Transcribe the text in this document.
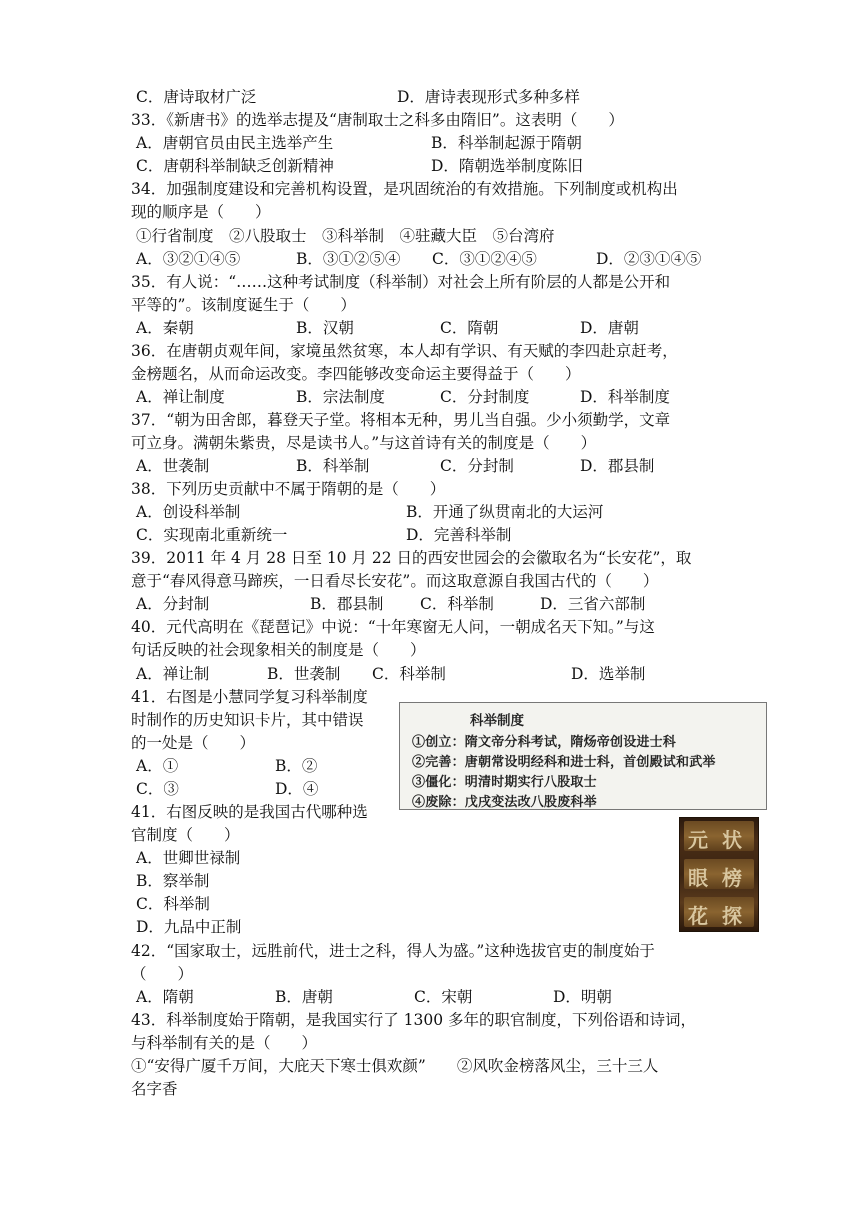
C．唐诗取材广泛	D．唐诗表现形式多种多样
33．《新唐书》的选举志提及“唐制取士之科多由隋旧”。这表明（　　）
A．唐朝官员由民主选举产生	B．科举制起源于隋朝
C．唐朝科举制缺乏创新精神	D．隋朝选举制度陈旧
34．加强制度建设和完善机构设置，是巩固统治的有效措施。下列制度或机构出
现的顺序是（　　）
①行省制度　②八股取士　③科举制　④驻藏大臣　⑤台湾府
A．③②①④⑤	B．③①②⑤④ C．③①②④⑤	D．②③①④⑤
35．有人说：“……这种考试制度（科举制）对社会上所有阶层的人都是公开和
平等的”。该制度诞生于（　　）
A．秦朝	B．汉朝	C．隋朝	D．唐朝
36．在唐朝贞观年间，家境虽然贫寒，本人却有学识、有天赋的李四赴京赶考，
金榜题名，从而命运改变。李四能够改变命运主要得益于（　　）
A．禅让制度	B．宗法制度	C．分封制度	D．科举制度
37．“朝为田舍郎，暮登天子堂。将相本无种，男儿当自强。少小须勤学，文章
可立身。满朝朱紫贵，尽是读书人。”与这首诗有关的制度是（　　）
A．世袭制	B．科举制	C．分封制	D．郡县制
38．下列历史贡献中不属于隋朝的是（　　）
A．创设科举制	B．开通了纵贯南北的大运河
C．实现南北重新统一	D．完善科举制
39．2011 年 4 月 28 日至 10 月 22 日的西安世园会的会徽取名为“长安花”，取
意于“春风得意马蹄疾，一日看尽长安花”。而这取意源自我国古代的（　　）
A．分封制	B．郡县制 C．科举制	D．三省六部制
40．元代高明在《琵琶记》中说：“十年寒窗无人问，一朝成名天下知。”与这
句话反映的社会现象相关的制度是（　　）
A．禅让制	B．世袭制 C．科举制	D．选举制
41．右图是小慧同学复习科举制度
时制作的历史知识卡片，其中错误
的一处是（　　）
A．①	B．②
C．③	D．④
41．右图反映的是我国古代哪种选
官制度（　　）
A．世卿世禄制
B．察举制
C．科举制
D．九品中正制
42．“国家取士，远胜前代，进士之科，得人为盛。”这种选拔官吏的制度始于
（　　）
A．隋朝	B．唐朝	C．宋朝	D．明朝
43．科举制度始于隋朝，是我国实行了 1300 多年的职官制度，下列俗语和诗词，
与科举制有关的是（　　）
①“安得广厦千万间，大庇天下寒士俱欢颜”　　②风吹金榜落风尘，三十三人
名字香
科举制度
①创立：隋文帝分科考试，隋炀帝创设进士科
②完善：唐朝常设明经科和进士科，首创殿试和武举
③僵化：明清时期实行八股取士
④废除：戊戌变法改八股废科举
元 状
眼 榜
花 探
